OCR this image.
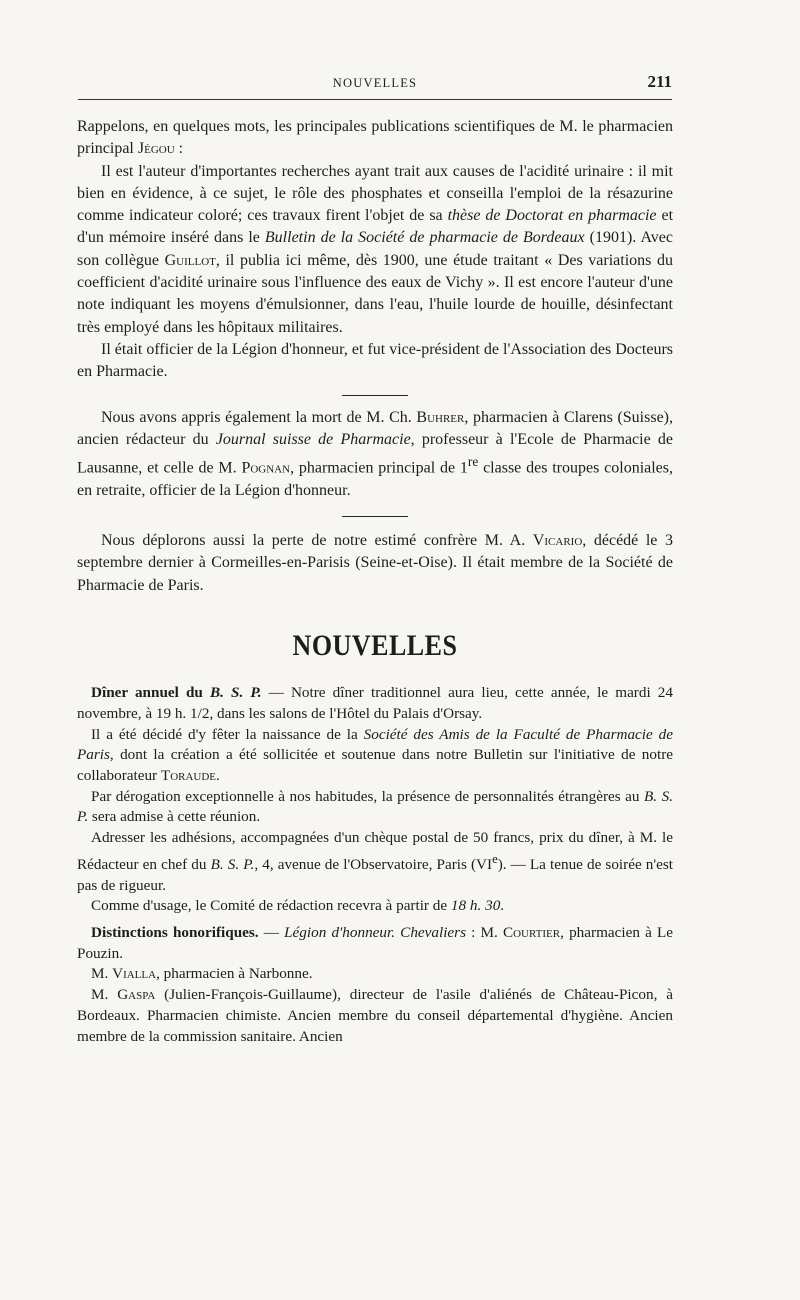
NOUVELLES	211

Rappelons, en quelques mots, les principales publications scientifiques de M. le pharmacien principal Jégou :

Il est l'auteur d'importantes recherches ayant trait aux causes de l'acidité urinaire : il mit bien en évidence, à ce sujet, le rôle des phosphates et conseilla l'emploi de la résazurine comme indicateur coloré; ces travaux firent l'objet de sa thèse de Doctorat en pharmacie et d'un mémoire inséré dans le Bulletin de la Société de pharmacie de Bordeaux (1901). Avec son collègue Guillot, il publia ici même, dès 1900, une étude traitant « Des variations du coefficient d'acidité urinaire sous l'influence des eaux de Vichy ». Il est encore l'auteur d'une note indiquant les moyens d'émulsionner, dans l'eau, l'huile lourde de houille, désinfectant très employé dans les hôpitaux militaires.

Il était officier de la Légion d'honneur, et fut vice-président de l'Association des Docteurs en Pharmacie.

Nous avons appris également la mort de M. Ch. Buhrer, pharmacien à Clarens (Suisse), ancien rédacteur du Journal suisse de Pharmacie, professeur à l'Ecole de Pharmacie de Lausanne, et celle de M. Pognan, pharmacien principal de 1re classe des troupes coloniales, en retraite, officier de la Légion d'honneur.

Nous déplorons aussi la perte de notre estimé confrère M. A. Vicario, décédé le 3 septembre dernier à Cormeilles-en-Parisis (Seine-et-Oise). Il était membre de la Société de Pharmacie de Paris.

NOUVELLES

Dîner annuel du B. S. P. — Notre dîner traditionnel aura lieu, cette année, le mardi 24 novembre, à 19 h. 1/2, dans les salons de l'Hôtel du Palais d'Orsay.

Il a été décidé d'y fêter la naissance de la Société des Amis de la Faculté de Pharmacie de Paris, dont la création a été sollicitée et soutenue dans notre Bulletin sur l'initiative de notre collaborateur Toraude.

Par dérogation exceptionnelle à nos habitudes, la présence de personnalités étrangères au B. S. P. sera admise à cette réunion.

Adresser les adhésions, accompagnées d'un chèque postal de 50 francs, prix du dîner, à M. le Rédacteur en chef du B. S. P., 4, avenue de l'Observatoire, Paris (VIe). — La tenue de soirée n'est pas de rigueur.

Comme d'usage, le Comité de rédaction recevra à partir de 18 h. 30.

Distinctions honorifiques. — Légion d'honneur. Chevaliers : M. Courtier, pharmacien à Le Pouzin.

M. Vialla, pharmacien à Narbonne.

M. Gaspa (Julien-François-Guillaume), directeur de l'asile d'aliénés de Château-Picon, à Bordeaux. Pharmacien chimiste. Ancien membre du conseil départemental d'hygiène. Ancien membre de la commission sanitaire. Ancien
